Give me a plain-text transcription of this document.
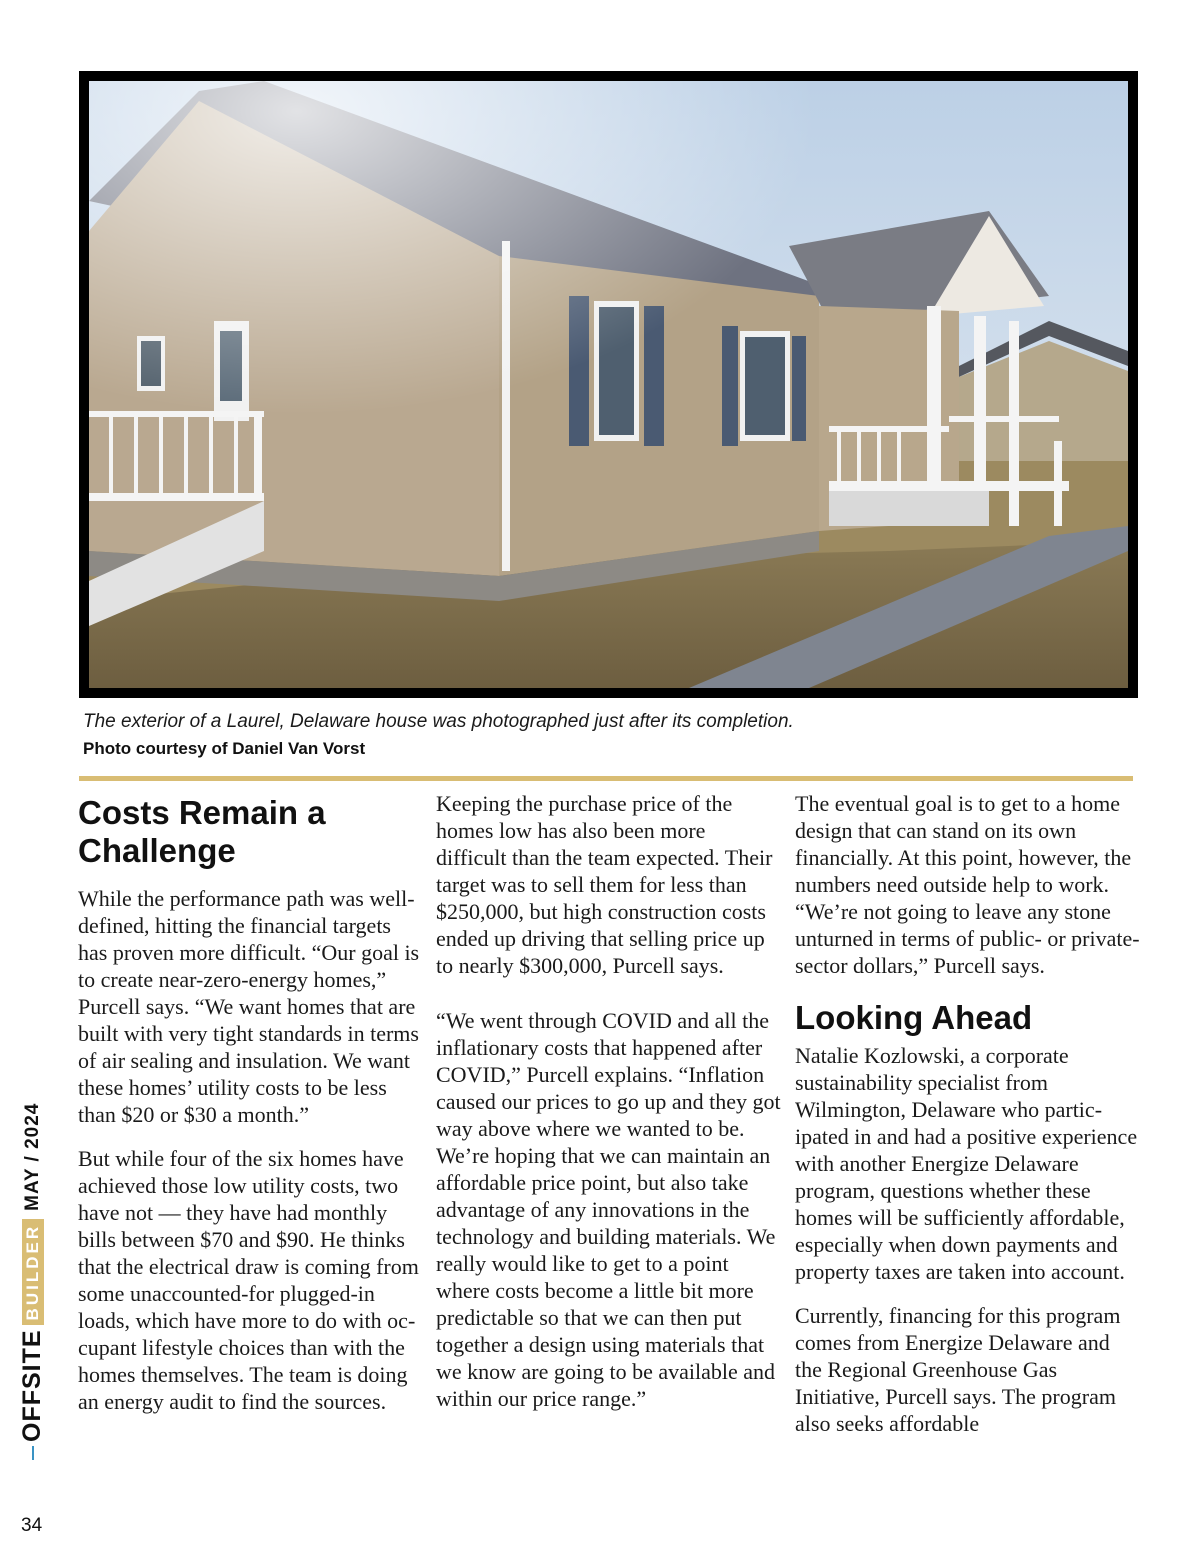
The exterior of a Laurel, Delaware house was photographed just after its completion.
Photo courtesy of Daniel Van Vorst
Costs Remain a Challenge

While the performance path was well-defined, hitting the financial targets has proven more difficult. “Our goal is to create near-zero-energy homes,” Purcell says. “We want homes that are built with very tight standards in terms of air sealing and insulation. We want these homes’ utility costs to be less than $20 or $30 a month.”

But while four of the six homes have achieved those low utility costs, two have not — they have had monthly bills between $70 and $90. He thinks that the electrical draw is coming from some unaccounted-for plugged-in loads, which have more to do with occupant lifestyle choices than with the homes themselves. The team is doing an energy audit to find the sources.

Keeping the purchase price of the homes low has also been more difficult than the team expected. Their target was to sell them for less than $250,000, but high construction costs ended up driving that selling price up to nearly $300,000, Purcell says.

“We went through COVID and all the inflationary costs that happened after COVID,” Purcell explains. “Inflation caused our prices to go up and they got way above where we wanted to be. We’re hoping that we can maintain an affordable price point, but also take advantage of any innovations in the technology and building materials. We really would like to get to a point where costs become a little bit more predictable so that we can then put together a design using materials that we know are going to be available and within our price range.”

The eventual goal is to get to a home design that can stand on its own financially. At this point, however, the numbers need outside help to work. “We’re not going to leave any stone unturned in terms of public- or private-sector dollars,” Purcell says.

Looking Ahead

Natalie Kozlowski, a corporate sustainability specialist from Wilmington, Delaware who participated in and had a positive experience with another Energize Delaware program, questions whether these homes will be sufficiently affordable, especially when down payments and property taxes are taken into account.

Currently, financing for this program comes from Energize Delaware and the Regional Greenhouse Gas Initiative, Purcell says. The program also seeks affordable

OFFSITE
BUILDER
MAY / 2024
34
